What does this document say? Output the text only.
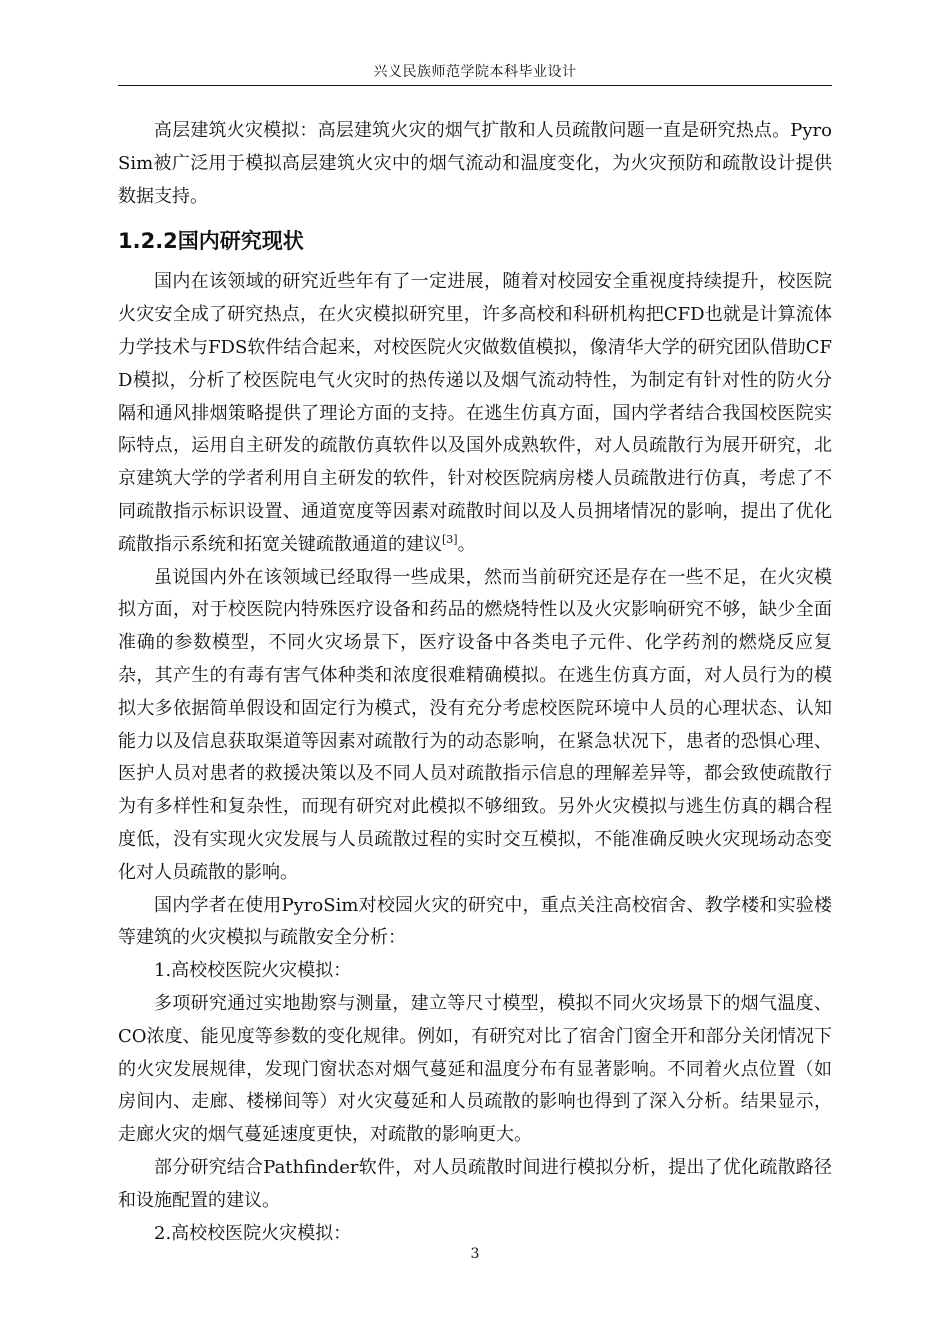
兴义民族师范学院本科毕业设计

高层建筑火灾模拟：高层建筑火灾的烟气扩散和人员疏散问题一直是研究热点。PyroSim被广泛用于模拟高层建筑火灾中的烟气流动和温度变化，为火灾预防和疏散设计提供数据支持。

1.2.2国内研究现状

国内在该领域的研究近些年有了一定进展，随着对校园安全重视度持续提升，校医院火灾安全成了研究热点，在火灾模拟研究里，许多高校和科研机构把CFD也就是计算流体力学技术与FDS软件结合起来，对校医院火灾做数值模拟，像清华大学的研究团队借助CFD模拟，分析了校医院电气火灾时的热传递以及烟气流动特性，为制定有针对性的防火分隔和通风排烟策略提供了理论方面的支持。在逃生仿真方面，国内学者结合我国校医院实际特点，运用自主研发的疏散仿真软件以及国外成熟软件，对人员疏散行为展开研究，北京建筑大学的学者利用自主研发的软件，针对校医院病房楼人员疏散进行仿真，考虑了不同疏散指示标识设置、通道宽度等因素对疏散时间以及人员拥堵情况的影响，提出了优化疏散指示系统和拓宽关键疏散通道的建议[3]。

虽说国内外在该领域已经取得一些成果，然而当前研究还是存在一些不足，在火灾模拟方面，对于校医院内特殊医疗设备和药品的燃烧特性以及火灾影响研究不够，缺少全面准确的参数模型，不同火灾场景下，医疗设备中各类电子元件、化学药剂的燃烧反应复杂，其产生的有毒有害气体种类和浓度很难精确模拟。在逃生仿真方面，对人员行为的模拟大多依据简单假设和固定行为模式，没有充分考虑校医院环境中人员的心理状态、认知能力以及信息获取渠道等因素对疏散行为的动态影响，在紧急状况下，患者的恐惧心理、医护人员对患者的救援决策以及不同人员对疏散指示信息的理解差异等，都会致使疏散行为有多样性和复杂性，而现有研究对此模拟不够细致。另外火灾模拟与逃生仿真的耦合程度低，没有实现火灾发展与人员疏散过程的实时交互模拟，不能准确反映火灾现场动态变化对人员疏散的影响。

国内学者在使用PyroSim对校园火灾的研究中，重点关注高校宿舍、教学楼和实验楼等建筑的火灾模拟与疏散安全分析：

1.高校校医院火灾模拟：

多项研究通过实地勘察与测量，建立等尺寸模型，模拟不同火灾场景下的烟气温度、CO浓度、能见度等参数的变化规律。例如，有研究对比了宿舍门窗全开和部分关闭情况下的火灾发展规律，发现门窗状态对烟气蔓延和温度分布有显著影响。不同着火点位置（如房间内、走廊、楼梯间等）对火灾蔓延和人员疏散的影响也得到了深入分析。结果显示，走廊火灾的烟气蔓延速度更快，对疏散的影响更大。

部分研究结合Pathfinder软件，对人员疏散时间进行模拟分析，提出了优化疏散路径和设施配置的建议。

2.高校校医院火灾模拟：

3
